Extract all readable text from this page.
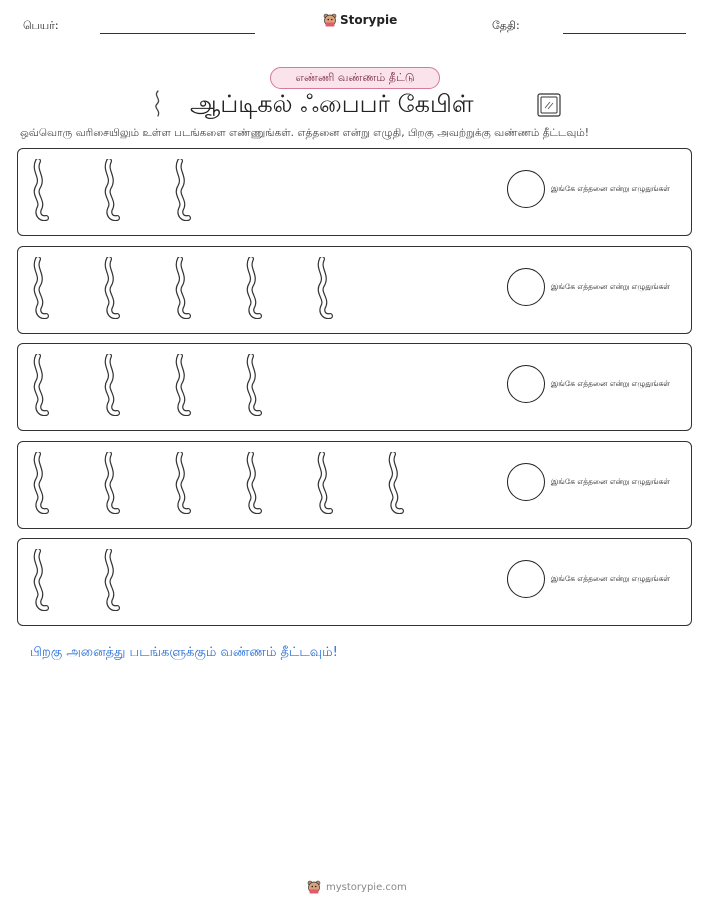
பெயர்:	Storypie	தேதி:
எண்ணி வண்ணம் தீட்டு
ஆப்டிகல் ஃபைபர் கேபிள்
ஒவ்வொரு வரிசையிலும் உள்ள படங்களை எண்ணுங்கள். எத்தனை என்று எழுதி, பிறகு அவற்றுக்கு வண்ணம் தீட்டவும்!
இங்கே எத்தனை என்று எழுதுங்கள்
இங்கே எத்தனை என்று எழுதுங்கள்
இங்கே எத்தனை என்று எழுதுங்கள்
இங்கே எத்தனை என்று எழுதுங்கள்
இங்கே எத்தனை என்று எழுதுங்கள்
பிறகு அனைத்து படங்களுக்கும் வண்ணம் தீட்டவும்!
mystorypie.com
